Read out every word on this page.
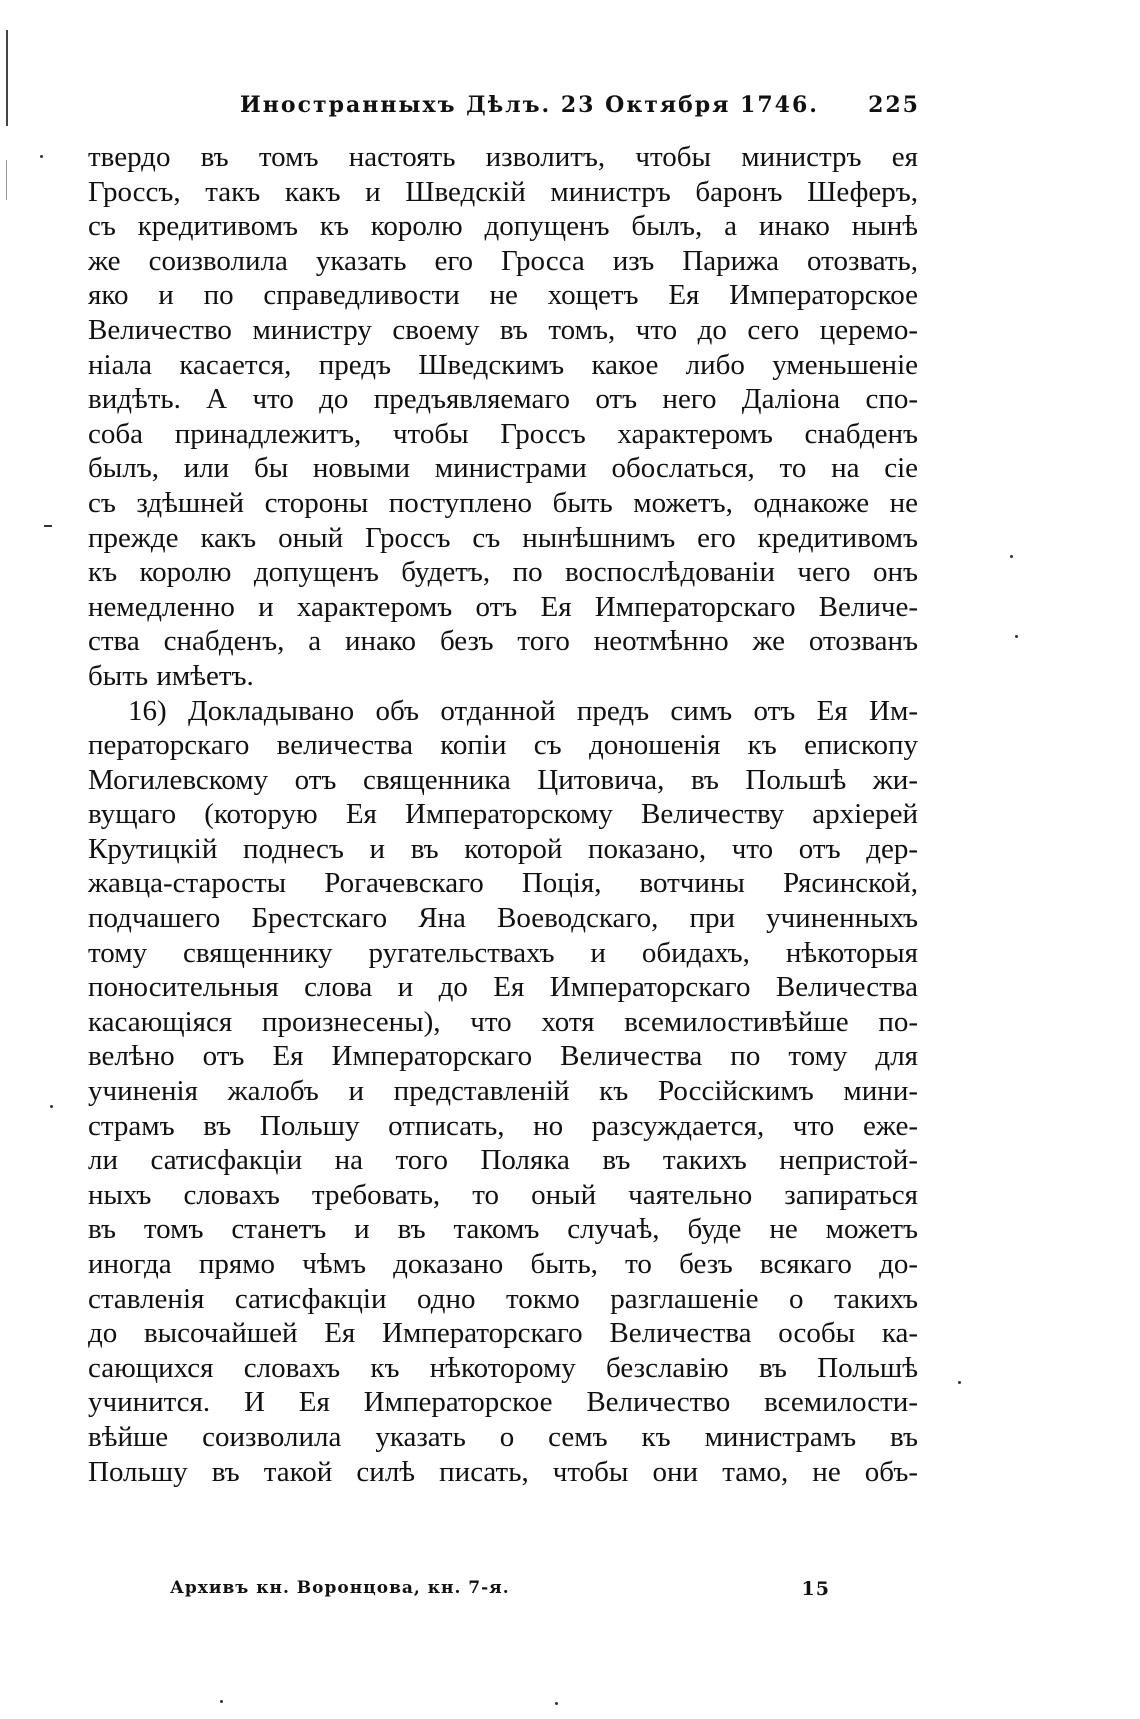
Иностранныхъ Дѣлъ. 23 Октября 1746. 225
твердо въ томъ настоять изволитъ, чтобы министръ ея
Гроссъ, такъ какъ и Шведскій министръ баронъ Шеферъ,
съ кредитивомъ къ королю допущенъ былъ, а инако нынѣ
же соизволила указать его Гросса изъ Парижа отозвать,
яко и по справедливости не хощетъ Ея Императорское
Величество министру своему въ томъ, что до сего церемо-
ніала касается, предъ Шведскимъ какое либо уменьшеніе
видѣть. А что до предъявляемаго отъ него Даліона спо-
соба принадлежитъ, чтобы Гроссъ характеромъ снабденъ
былъ, или бы новыми министрами обослаться, то на сіе
съ здѣшней стороны поступлено быть можетъ, однакоже не
прежде какъ оный Гроссъ съ нынѣшнимъ его кредитивомъ
къ королю допущенъ будетъ, по воспослѣдованіи чего онъ
немедленно и характеромъ отъ Ея Императорскаго Величе-
ства снабденъ, а инако безъ того неотмѣнно же отозванъ
быть имѣетъ.
16) Докладывано объ отданной предъ симъ отъ Ея Им-
ператорскаго величества копіи съ доношенія къ епископу
Могилевскому отъ священника Цитовича, въ Польшѣ жи-
вущаго (которую Ея Императорскому Величеству архіерей
Крутицкій поднесъ и въ которой показано, что отъ дер-
жавца-старосты Рогачевскаго Поція, вотчины Рясинской,
подчашего Брестскаго Яна Воеводскаго, при учиненныхъ
тому священнику ругательствахъ и обидахъ, нѣкоторыя
поносительныя слова и до Ея Императорскаго Величества
касающіяся произнесены), что хотя всемилостивѣйше по-
велѣно отъ Ея Императорскаго Величества по тому для
учиненія жалобъ и представленій къ Россійскимъ мини-
страмъ въ Польшу отписать, но разсуждается, что еже-
ли сатисфакціи на того Поляка въ такихъ непристой-
ныхъ словахъ требовать, то оный чаятельно запираться
въ томъ станетъ и въ такомъ случаѣ, буде не можетъ
иногда прямо чѣмъ доказано быть, то безъ всякаго до-
ставленія сатисфакціи одно токмо разглашеніе о такихъ
до высочайшей Ея Императорскаго Величества особы ка-
сающихся словахъ къ нѣкоторому безславію въ Польшѣ
учинится. И Ея Императорское Величество всемилости-
вѣйше соизволила указать о семъ къ министрамъ въ
Польшу въ такой силѣ писать, чтобы они тамо, не объ-
Архивъ кн. Воронцова, кн. 7-я.	15
